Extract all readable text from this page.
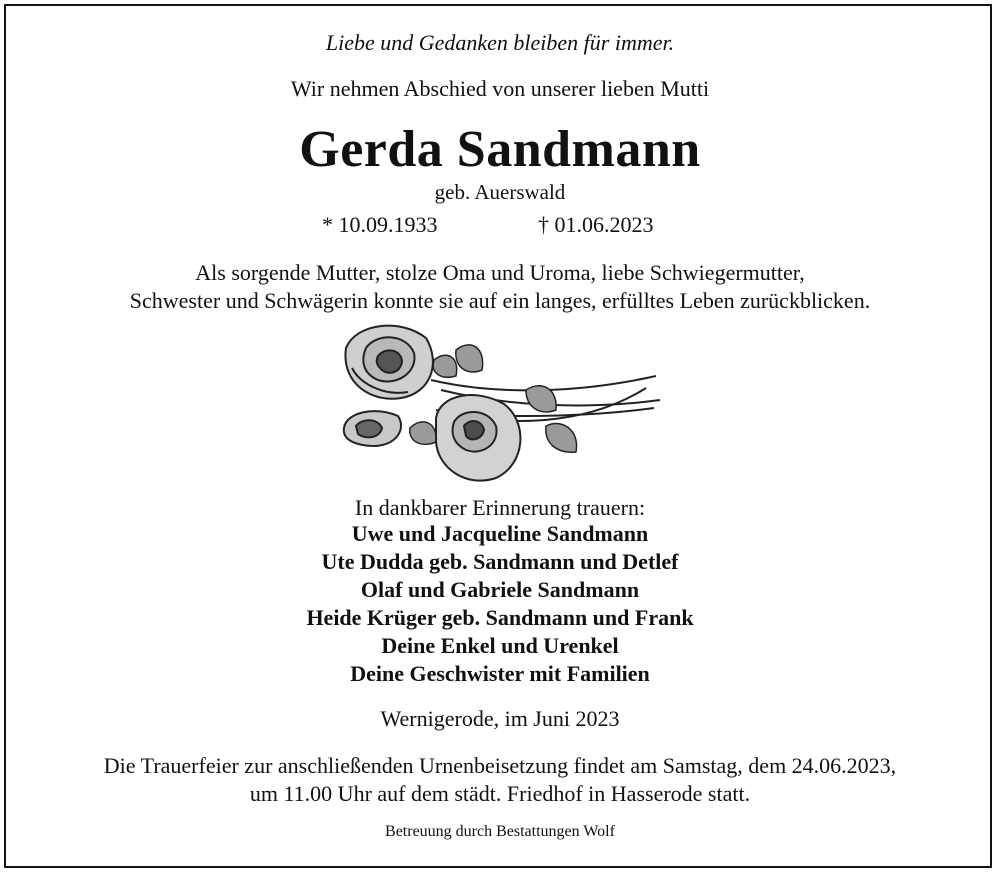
Liebe und Gedanken bleiben für immer.
Wir nehmen Abschied von unserer lieben Mutti
Gerda Sandmann
geb. Auerswald
* 10.09.1933	† 01.06.2023
Als sorgende Mutter, stolze Oma und Uroma, liebe Schwiegermutter,
Schwester und Schwägerin konnte sie auf ein langes, erfülltes Leben zurückblicken.
In dankbarer Erinnerung trauern:
Uwe und Jacqueline Sandmann
Ute Dudda geb. Sandmann und Detlef
Olaf und Gabriele Sandmann
Heide Krüger geb. Sandmann und Frank
Deine Enkel und Urenkel
Deine Geschwister mit Familien
Wernigerode, im Juni 2023
Die Trauerfeier zur anschließenden Urnenbeisetzung findet am Samstag, dem 24.06.2023,
um 11.00 Uhr auf dem städt. Friedhof in Hasserode statt.
Betreuung durch Bestattungen Wolf
